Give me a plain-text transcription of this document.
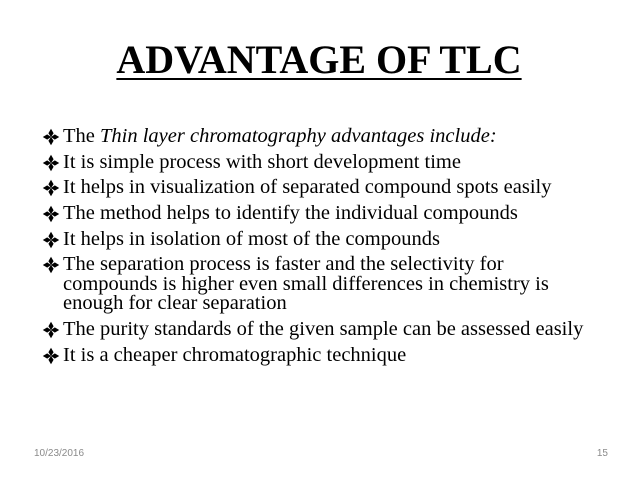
ADVANTAGE OF TLC
The Thin layer chromatography advantages include:
It is simple process with short development time
It helps in visualization of separated compound spots easily
The method helps to identify the individual compounds
It helps in isolation of most of the compounds
The separation process is faster and the selectivity for compounds is higher even small differences in chemistry is enough for clear separation
The purity standards of the given sample can be assessed easily
It is a cheaper chromatographic technique
10/23/2016	15
